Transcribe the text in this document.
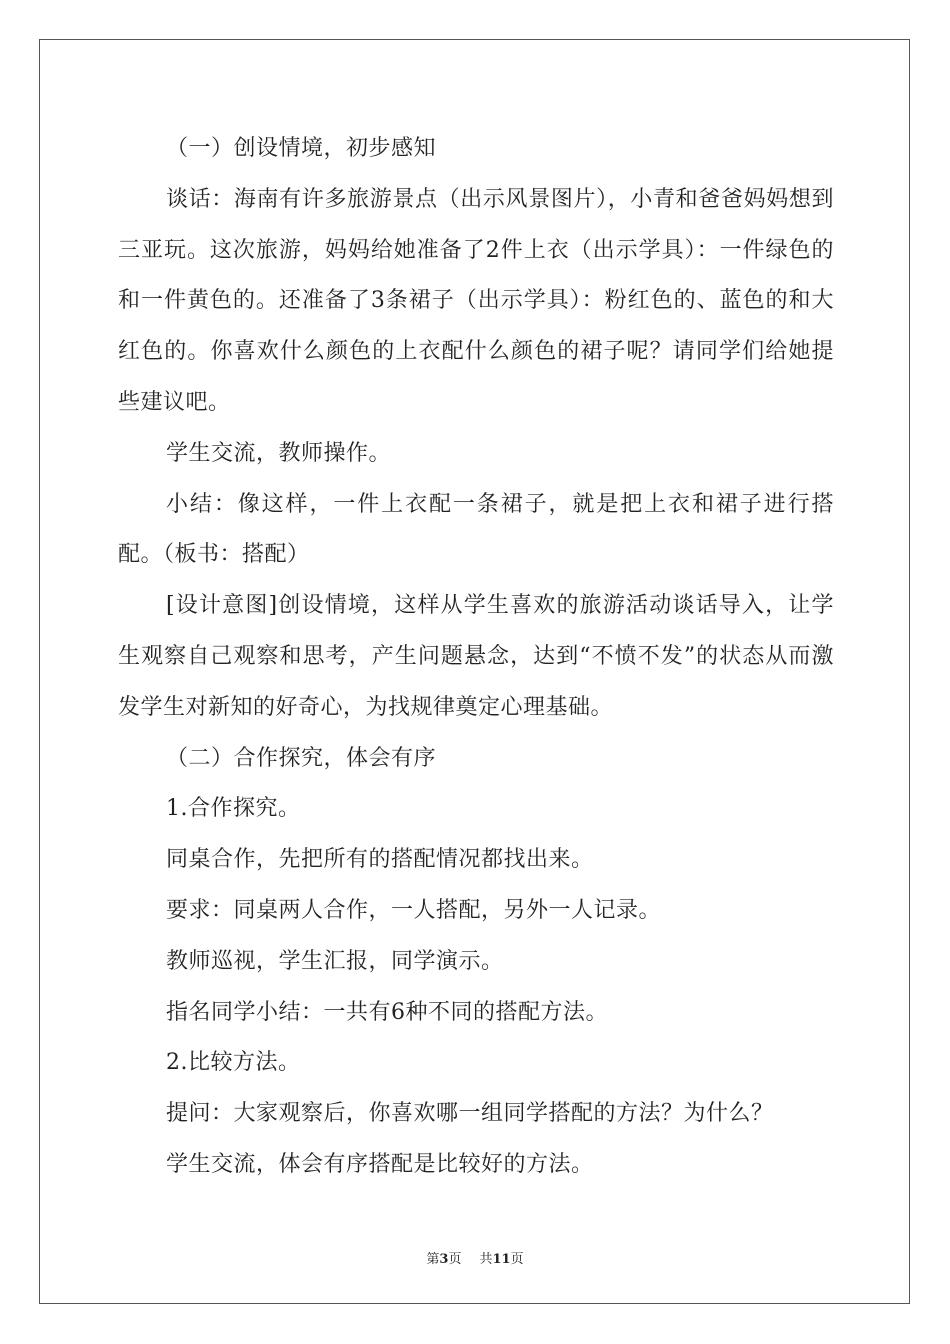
（一）创设情境，初步感知

谈话：海南有许多旅游景点（出示风景图片），小青和爸爸妈妈想到三亚玩。这次旅游，妈妈给她准备了2件上衣（出示学具）：一件绿色的和一件黄色的。还准备了3条裙子（出示学具）：粉红色的、蓝色的和大红色的。你喜欢什么颜色的上衣配什么颜色的裙子呢？请同学们给她提些建议吧。

学生交流，教师操作。

小结：像这样，一件上衣配一条裙子，就是把上衣和裙子进行搭配。（板书：搭配）

[设计意图]创设情境，这样从学生喜欢的旅游活动谈话导入，让学生观察自己观察和思考，产生问题悬念，达到“不愤不发”的状态从而激发学生对新知的好奇心，为找规律奠定心理基础。

（二）合作探究，体会有序

1.合作探究。

同桌合作，先把所有的搭配情况都找出来。

要求：同桌两人合作，一人搭配，另外一人记录。

教师巡视，学生汇报，同学演示。

指名同学小结：一共有6种不同的搭配方法。

2.比较方法。

提问：大家观察后，你喜欢哪一组同学搭配的方法？为什么？

学生交流，体会有序搭配是比较好的方法。

第3页 共11页
